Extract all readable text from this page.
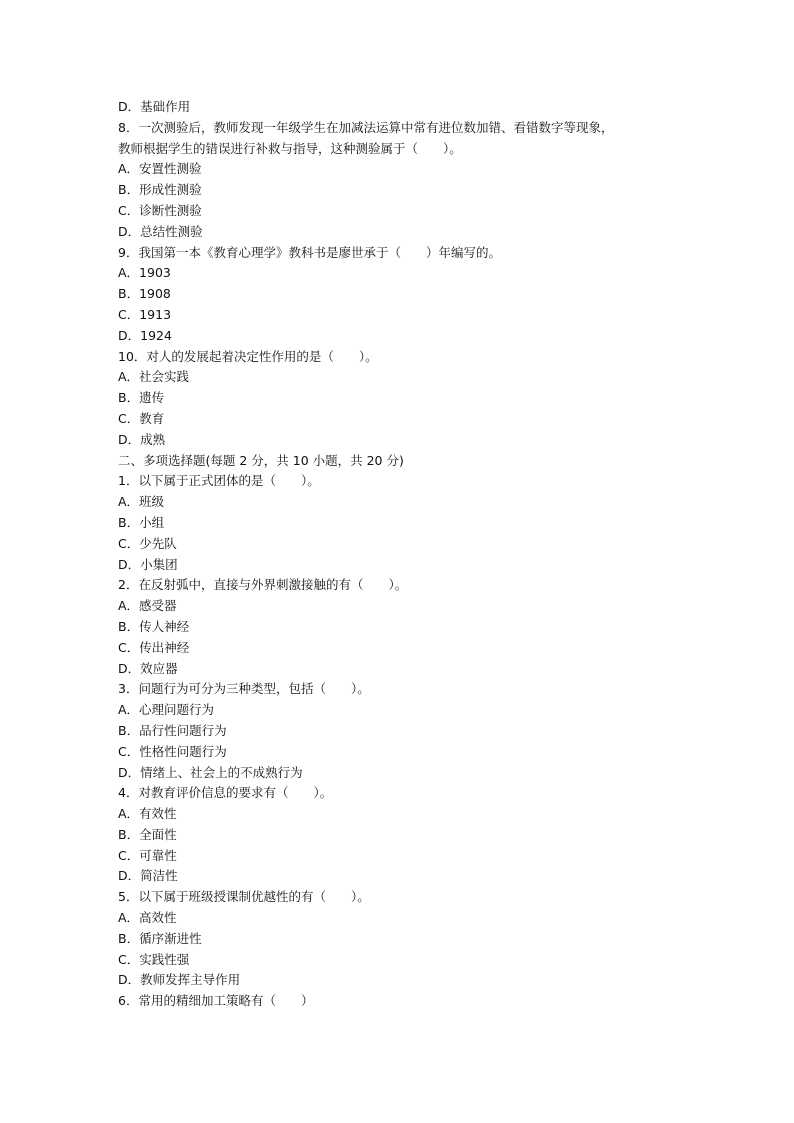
D．基础作用
8．一次测验后，教师发现一年级学生在加减法运算中常有进位数加错、看错数字等现象，
教师根据学生的错误进行补救与指导，这种测验属于（　　）。
A．安置性测验
B．形成性测验
C．诊断性测验
D．总结性测验
9．我国第一本《教育心理学》教科书是廖世承于（　　）年编写的。
A．1903
B．1908
C．1913
D．1924
10．对人的发展起着决定性作用的是（　　）。
A．社会实践
B．遗传
C．教育
D．成熟
二、多项选择题(每题 2 分，共 10 小题，共 20 分)
1．以下属于正式团体的是（　　）。
A．班级
B．小组
C．少先队
D．小集团
2．在反射弧中，直接与外界刺激接触的有（　　）。
A．感受器
B．传人神经
C．传出神经
D．效应器
3．问题行为可分为三种类型，包括（　　）。
A．心理问题行为
B．品行性问题行为
C．性格性问题行为
D．情绪上、社会上的不成熟行为
4．对教育评价信息的要求有（　　）。
A．有效性
B．全面性
C．可靠性
D．简洁性
5．以下属于班级授课制优越性的有（　　）。
A．高效性
B．循序渐进性
C．实践性强
D．教师发挥主导作用
6．常用的精细加工策略有（　　）
